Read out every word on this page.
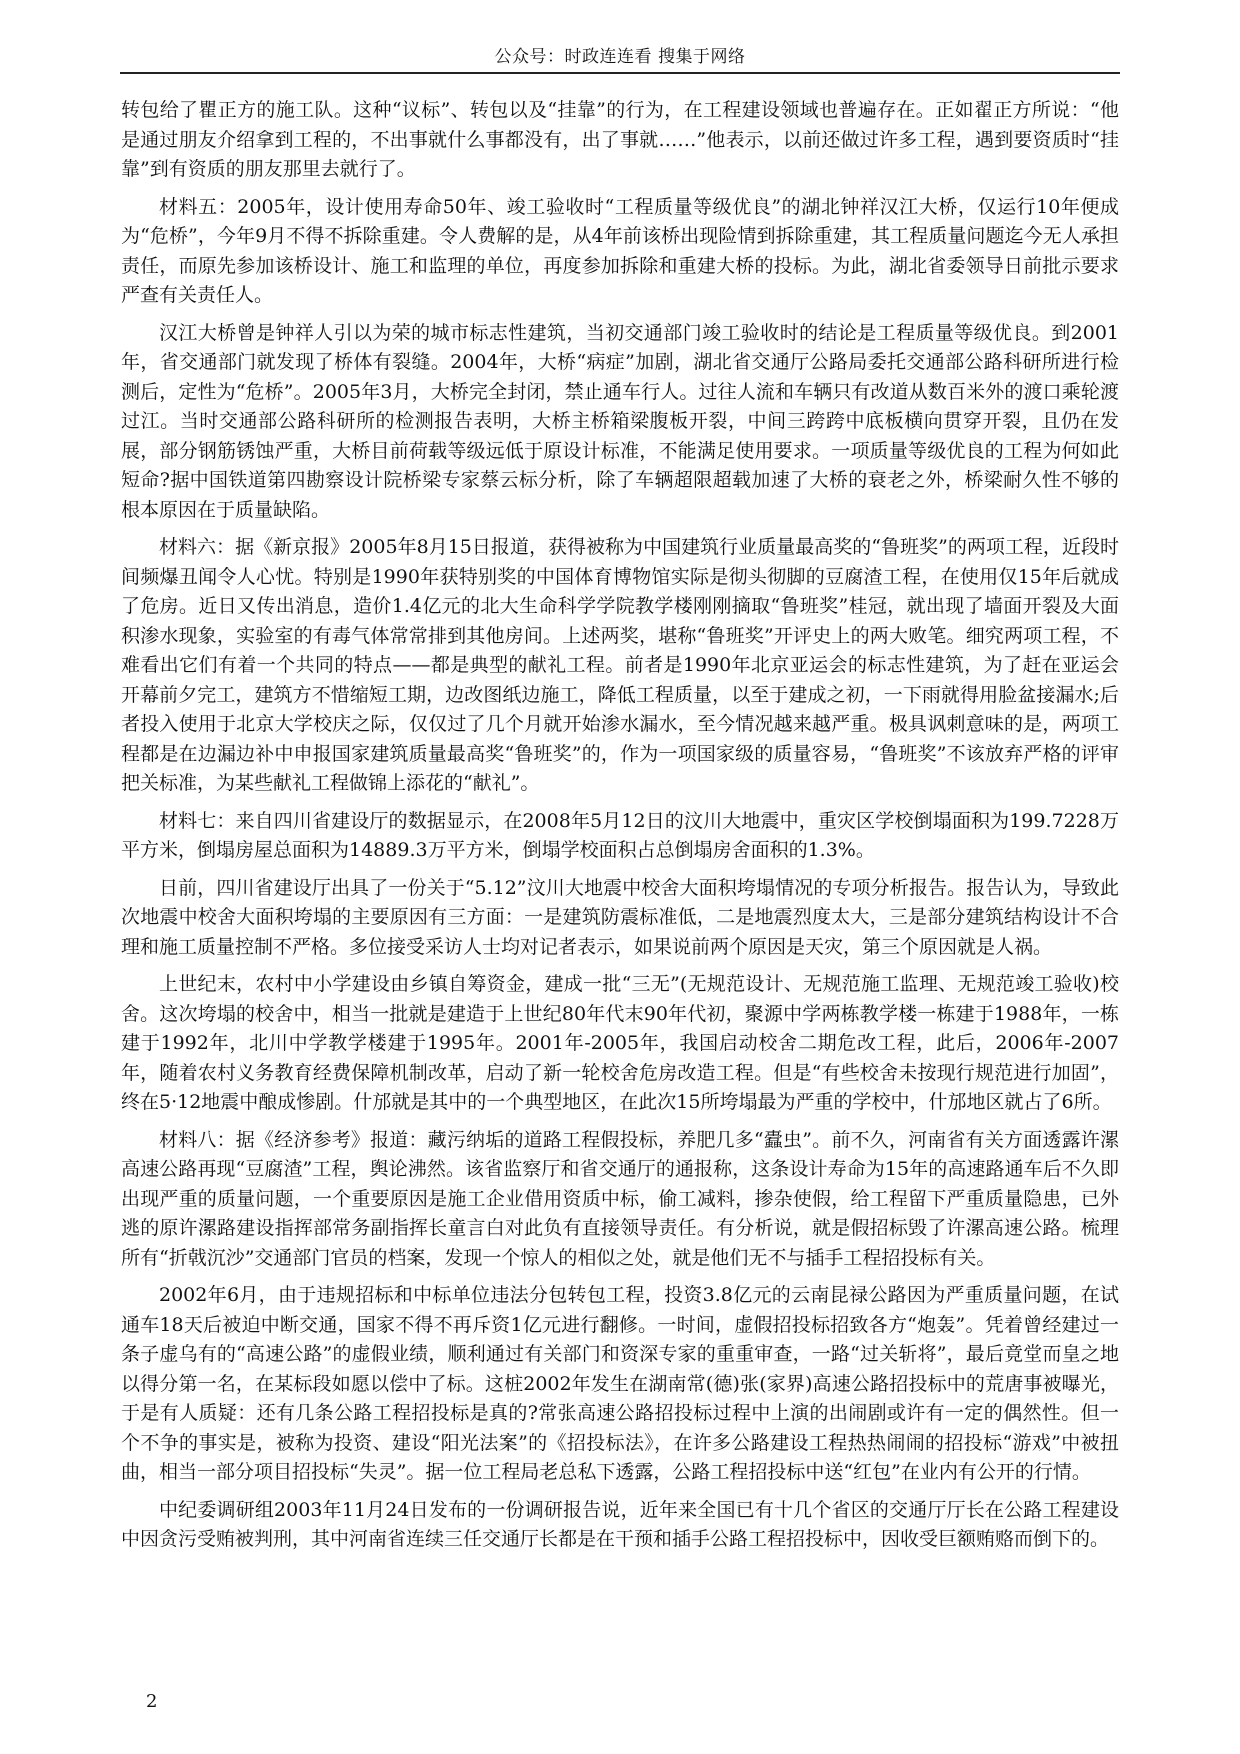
公众号：时政连连看 搜集于网络

转包给了瞿正方的施工队。这种“议标”、转包以及“挂靠”的行为，在工程建设领域也普遍存在。正如翟正方所说：“他是通过朋友介绍拿到工程的，不出事就什么事都没有，出了事就……”他表示，以前还做过许多工程，遇到要资质时“挂靠”到有资质的朋友那里去就行了。

材料五：2005年，设计使用寿命50年、竣工验收时“工程质量等级优良”的湖北钟祥汉江大桥，仅运行10年便成为“危桥”，今年9月不得不拆除重建。令人费解的是，从4年前该桥出现险情到拆除重建，其工程质量问题迄今无人承担责任，而原先参加该桥设计、施工和监理的单位，再度参加拆除和重建大桥的投标。为此，湖北省委领导日前批示要求严查有关责任人。

汉江大桥曾是钟祥人引以为荣的城市标志性建筑，当初交通部门竣工验收时的结论是工程质量等级优良。到2001年，省交通部门就发现了桥体有裂缝。2004年，大桥“病症”加剧，湖北省交通厅公路局委托交通部公路科研所进行检测后，定性为“危桥”。2005年3月，大桥完全封闭，禁止通车行人。过往人流和车辆只有改道从数百米外的渡口乘轮渡过江。当时交通部公路科研所的检测报告表明，大桥主桥箱梁腹板开裂，中间三跨跨中底板横向贯穿开裂，且仍在发展，部分钢筋锈蚀严重，大桥目前荷载等级远低于原设计标准，不能满足使用要求。一项质量等级优良的工程为何如此短命?据中国铁道第四勘察设计院桥梁专家蔡云标分析，除了车辆超限超载加速了大桥的衰老之外，桥梁耐久性不够的根本原因在于质量缺陷。

材料六：据《新京报》2005年8月15日报道，获得被称为中国建筑行业质量最高奖的“鲁班奖”的两项工程，近段时间频爆丑闻令人心忧。特别是1990年获特别奖的中国体育博物馆实际是彻头彻脚的豆腐渣工程，在使用仅15年后就成了危房。近日又传出消息，造价1.4亿元的北大生命科学学院教学楼刚刚摘取“鲁班奖”桂冠，就出现了墙面开裂及大面积渗水现象，实验室的有毒气体常常排到其他房间。上述两奖，堪称“鲁班奖”开评史上的两大败笔。细究两项工程，不难看出它们有着一个共同的特点——都是典型的献礼工程。前者是1990年北京亚运会的标志性建筑，为了赶在亚运会开幕前夕完工，建筑方不惜缩短工期，边改图纸边施工，降低工程质量，以至于建成之初，一下雨就得用脸盆接漏水;后者投入使用于北京大学校庆之际，仅仅过了几个月就开始渗水漏水，至今情况越来越严重。极具讽刺意味的是，两项工程都是在边漏边补中申报国家建筑质量最高奖“鲁班奖”的，作为一项国家级的质量容易，“鲁班奖”不该放弃严格的评审把关标准，为某些献礼工程做锦上添花的“献礼”。

材料七：来自四川省建设厅的数据显示，在2008年5月12日的汶川大地震中，重灾区学校倒塌面积为199.7228万平方米，倒塌房屋总面积为14889.3万平方米，倒塌学校面积占总倒塌房舍面积的1.3%。

日前，四川省建设厅出具了一份关于“5.12”汶川大地震中校舍大面积垮塌情况的专项分析报告。报告认为，导致此次地震中校舍大面积垮塌的主要原因有三方面：一是建筑防震标准低，二是地震烈度太大，三是部分建筑结构设计不合理和施工质量控制不严格。多位接受采访人士均对记者表示，如果说前两个原因是天灾，第三个原因就是人祸。

上世纪末，农村中小学建设由乡镇自筹资金，建成一批“三无”(无规范设计、无规范施工监理、无规范竣工验收)校舍。这次垮塌的校舍中，相当一批就是建造于上世纪80年代末90年代初，聚源中学两栋教学楼一栋建于1988年，一栋建于1992年，北川中学教学楼建于1995年。2001年-2005年，我国启动校舍二期危改工程，此后，2006年-2007年，随着农村义务教育经费保障机制改革，启动了新一轮校舍危房改造工程。但是“有些校舍未按现行规范进行加固”，终在5·12地震中酿成惨剧。什邡就是其中的一个典型地区，在此次15所垮塌最为严重的学校中，什邡地区就占了6所。

材料八：据《经济参考》报道：藏污纳垢的道路工程假投标，养肥几多“蠹虫”。前不久，河南省有关方面透露许漯高速公路再现“豆腐渣”工程，舆论沸然。该省监察厅和省交通厅的通报称，这条设计寿命为15年的高速路通车后不久即出现严重的质量问题，一个重要原因是施工企业借用资质中标，偷工减料，掺杂使假，给工程留下严重质量隐患，已外逃的原许漯路建设指挥部常务副指挥长童言白对此负有直接领导责任。有分析说，就是假招标毁了许漯高速公路。梳理所有“折戟沉沙”交通部门官员的档案，发现一个惊人的相似之处，就是他们无不与插手工程招投标有关。

2002年6月，由于违规招标和中标单位违法分包转包工程，投资3.8亿元的云南昆禄公路因为严重质量问题，在试通车18天后被迫中断交通，国家不得不再斥资1亿元进行翻修。一时间，虚假招投标招致各方“炮轰”。凭着曾经建过一条子虚乌有的“高速公路”的虚假业绩，顺利通过有关部门和资深专家的重重审查，一路“过关斩将”，最后竟堂而皇之地以得分第一名，在某标段如愿以偿中了标。这桩2002年发生在湖南常(德)张(家界)高速公路招投标中的荒唐事被曝光，于是有人质疑：还有几条公路工程招投标是真的?常张高速公路招投标过程中上演的出闹剧或许有一定的偶然性。但一个不争的事实是，被称为投资、建设“阳光法案”的《招投标法》，在许多公路建设工程热热闹闹的招投标“游戏”中被扭曲，相当一部分项目招投标“失灵”。据一位工程局老总私下透露，公路工程招投标中送“红包”在业内有公开的行情。

中纪委调研组2003年11月24日发布的一份调研报告说，近年来全国已有十几个省区的交通厅厅长在公路工程建设中因贪污受贿被判刑，其中河南省连续三任交通厅长都是在干预和插手公路工程招投标中，因收受巨额贿赂而倒下的。

2
